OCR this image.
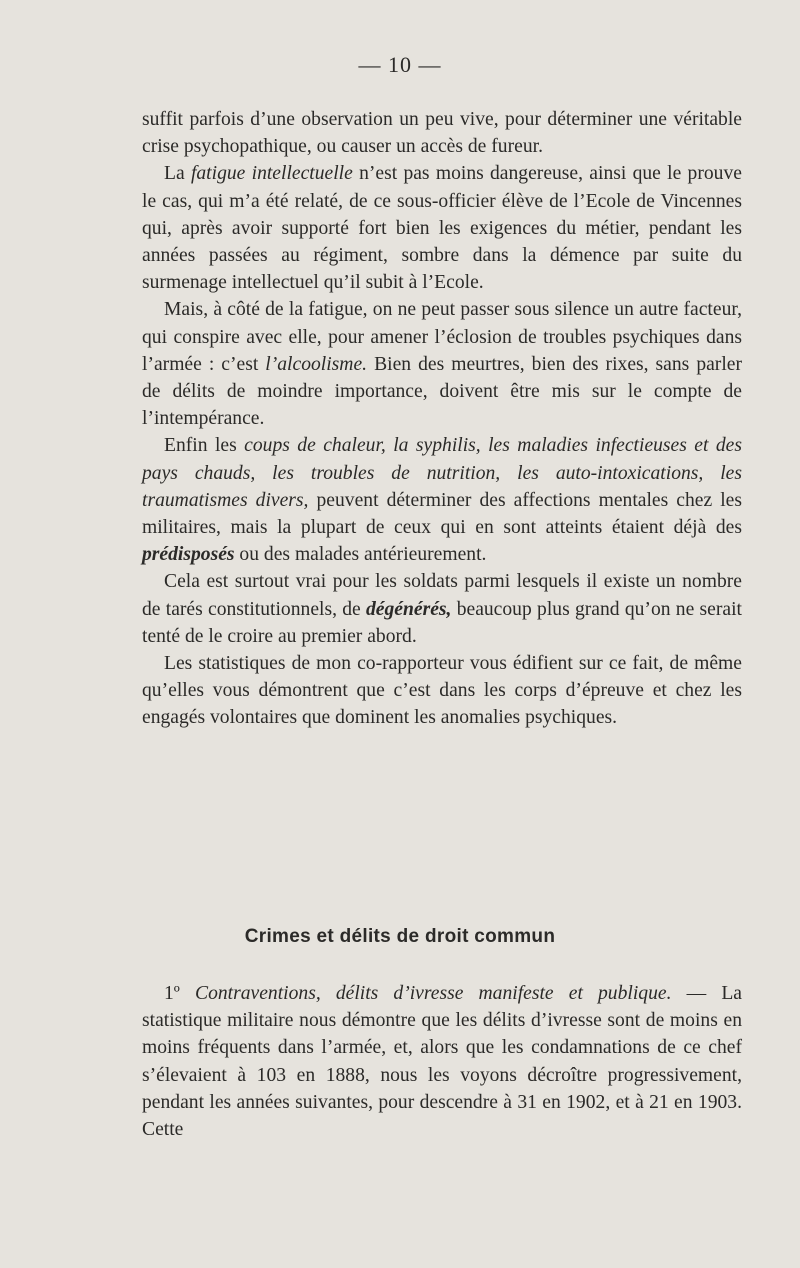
— 10 —

suffit parfois d’une observation un peu vive, pour déterminer une véritable crise psychopathique, ou causer un accès de fureur.

La fatigue intellectuelle n’est pas moins dangereuse, ainsi que le prouve le cas, qui m’a été relaté, de ce sous-officier élève de l’Ecole de Vincennes qui, après avoir supporté fort bien les exigences du métier, pendant les années passées au régiment, sombre dans la démence par suite du surmenage intellectuel qu’il subit à l’Ecole.

Mais, à côté de la fatigue, on ne peut passer sous silence un autre facteur, qui conspire avec elle, pour amener l’éclosion de troubles psychiques dans l’armée : c’est l’alcoolisme. Bien des meurtres, bien des rixes, sans parler de délits de moindre importance, doivent être mis sur le compte de l’intempérance.

Enfin les coups de chaleur, la syphilis, les maladies infectieuses et des pays chauds, les troubles de nutrition, les auto-intoxications, les traumatismes divers, peuvent déterminer des affections mentales chez les militaires, mais la plupart de ceux qui en sont atteints étaient déjà des prédisposés ou des malades antérieurement.

Cela est surtout vrai pour les soldats parmi lesquels il existe un nombre de tarés constitutionnels, de dégénérés, beaucoup plus grand qu’on ne serait tenté de le croire au premier abord.

Les statistiques de mon co-rapporteur vous édifient sur ce fait, de même qu’elles vous démontrent que c’est dans les corps d’épreuve et chez les engagés volontaires que dominent les anomalies psychiques.

Crimes et délits de droit commun

1º Contraventions, délits d’ivresse manifeste et publique. — La statistique militaire nous démontre que les délits d’ivresse sont de moins en moins fréquents dans l’armée, et, alors que les condamnations de ce chef s’élevaient à 103 en 1888, nous les voyons décroître progressivement, pendant les années suivantes, pour descendre à 31 en 1902, et à 21 en 1903. Cette
